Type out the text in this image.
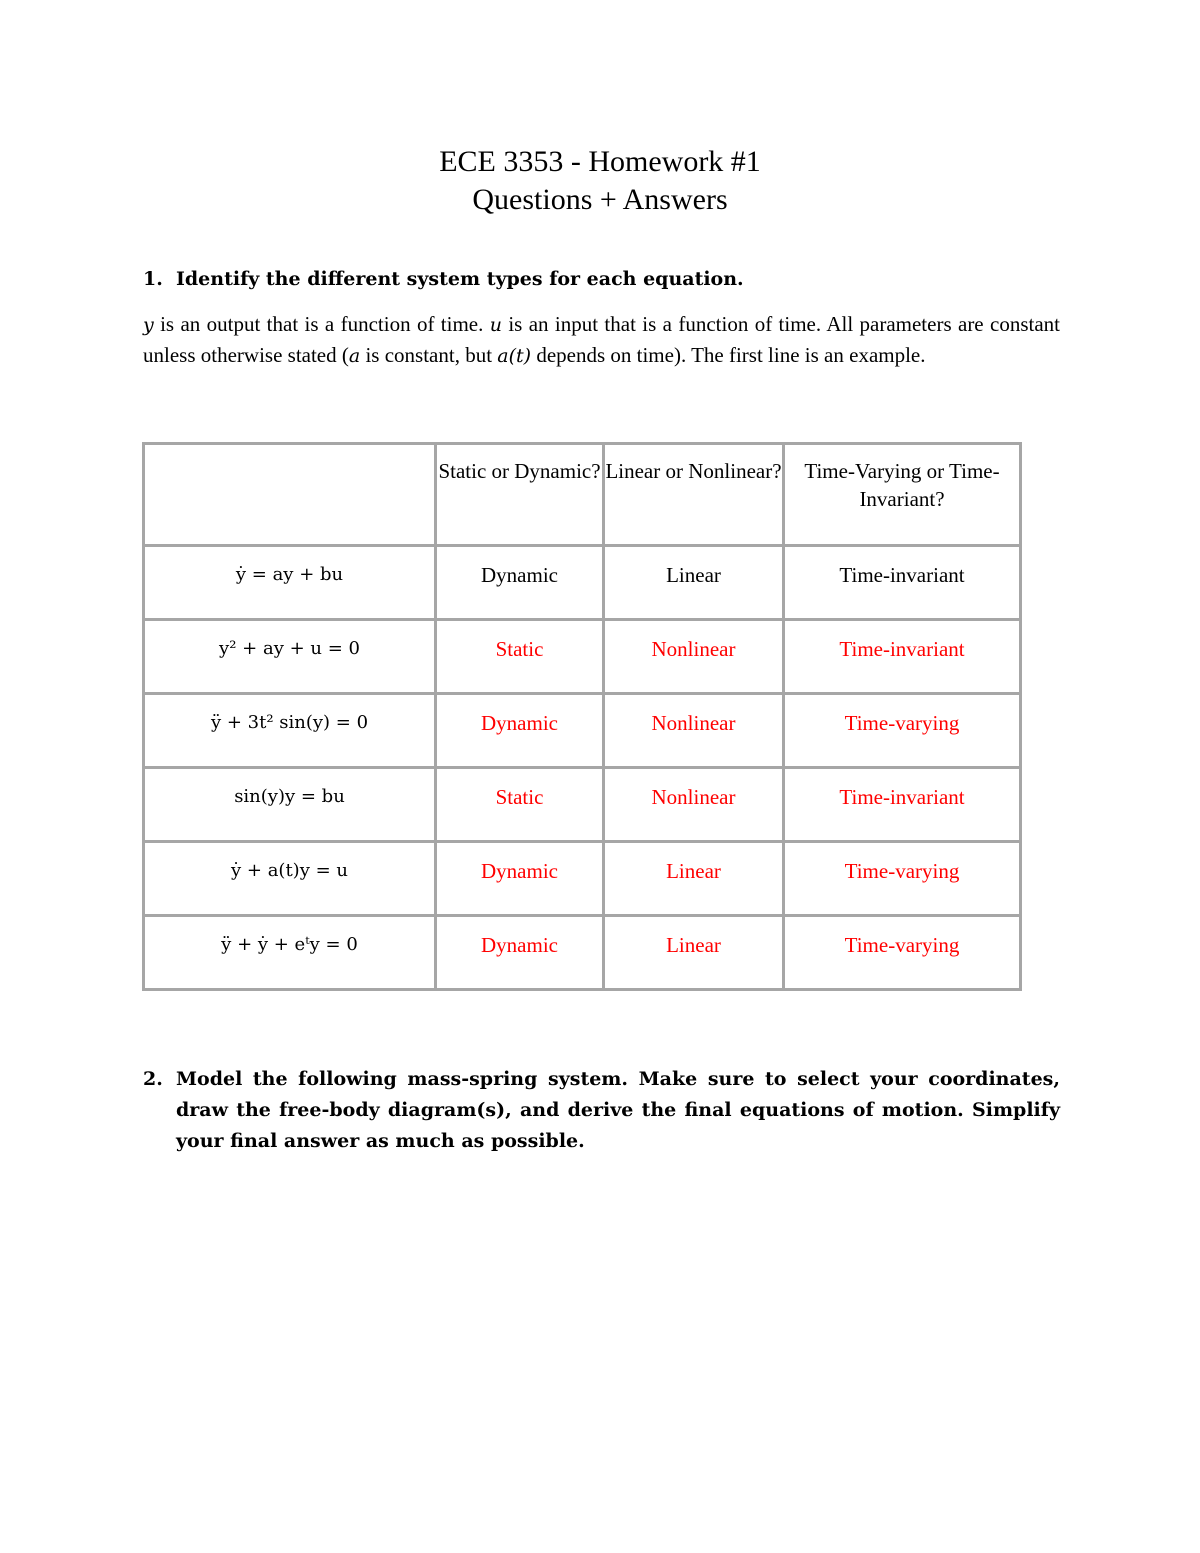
ECE 3353 - Homework #1
Questions + Answers
1. Identify the different system types for each equation.
y is an output that is a function of time. u is an input that is a function of time. All parameters are constant unless otherwise stated (a is constant, but a(t) depends on time). The first line is an example.
	Static or Dynamic?	Linear or Nonlinear?	Time-Varying or Time-Invariant?
ẏ = ay + bu	Dynamic	Linear	Time-invariant
y² + ay + u = 0	Static	Nonlinear	Time-invariant
ÿ + 3t² sin(y) = 0	Dynamic	Nonlinear	Time-varying
sin(y)y = bu	Static	Nonlinear	Time-invariant
ẏ + a(t)y = u	Dynamic	Linear	Time-varying
ÿ + ẏ + eᵗy = 0	Dynamic	Linear	Time-varying
2. Model the following mass-spring system. Make sure to select your coordinates, draw the free-body diagram(s), and derive the final equations of motion. Simplify your final answer as much as possible.
